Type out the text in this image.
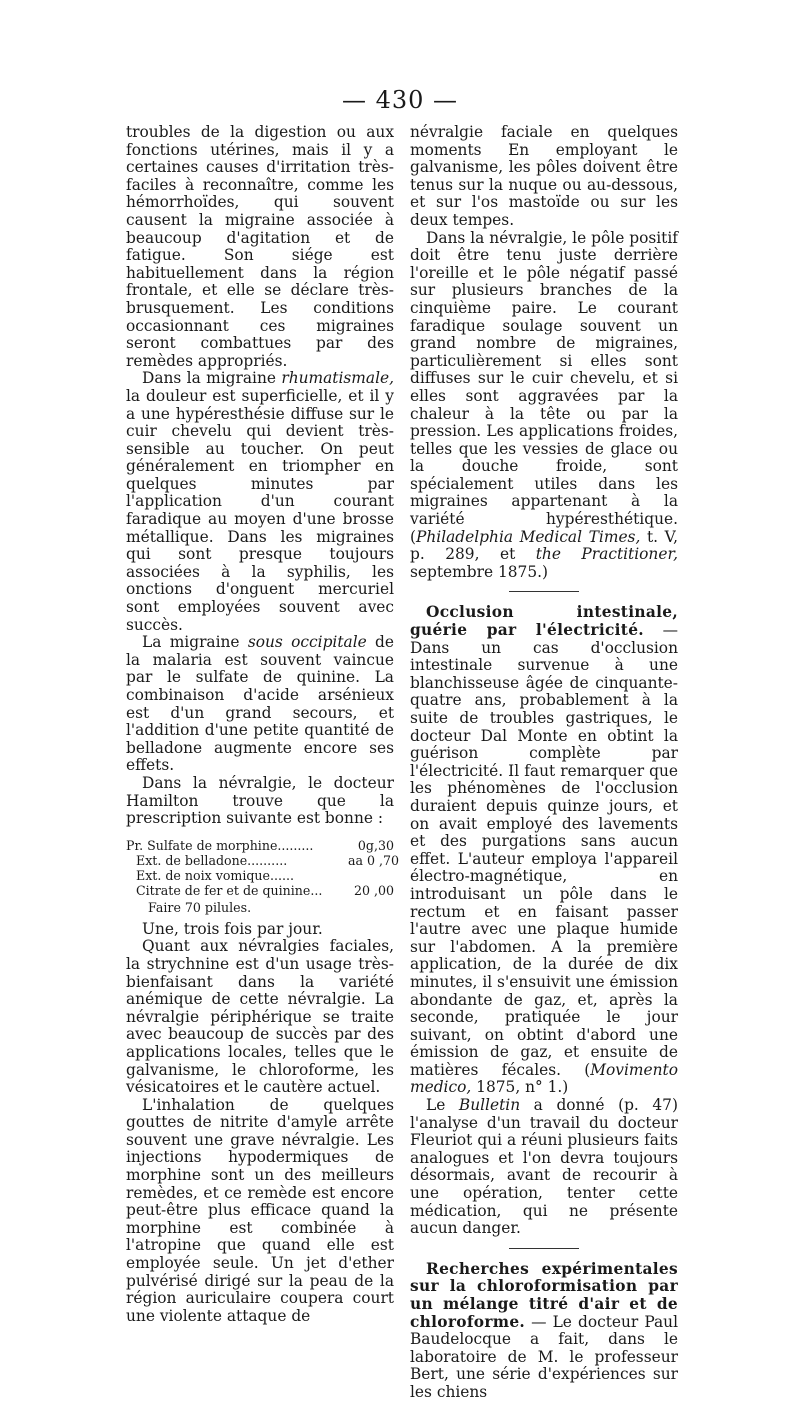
— 430 —

troubles de la digestion ou aux fonctions utérines, mais il y a certaines causes d'irritation très-faciles à reconnaître, comme les hémorrhoïdes, qui souvent causent la migraine associée à beaucoup d'agitation et de fatigue. Son siége est habituellement dans la région frontale, et elle se déclare très-brusquement. Les conditions occasionnant ces migraines seront combattues par des remèdes appropriés.

Dans la migraine rhumatismale, la douleur est superficielle, et il y a une hypéresthésie diffuse sur le cuir chevelu qui devient très-sensible au toucher. On peut généralement en triompher en quelques minutes par l'application d'un courant faradique au moyen d'une brosse métallique. Dans les migraines qui sont presque toujours associées à la syphilis, les onctions d'onguent mercuriel sont employées souvent avec succès.

La migraine sous occipitale de la malaria est souvent vaincue par le sulfate de quinine. La combinaison d'acide arsénieux est d'un grand secours, et l'addition d'une petite quantité de belladone augmente encore ses effets.

Dans la névralgie, le docteur Hamilton trouve que la prescription suivante est bonne :

Pr. Sulfate de morphine.........	0g,30
Ext. de belladone..........	aa 0 ,70
Ext. de noix vomique......
Citrate de fer et de quinine...	20 ,00
Faire 70 pilules.

Une, trois fois par jour.

Quant aux névralgies faciales, la strychnine est d'un usage très-bienfaisant dans la variété anémique de cette névralgie. La névralgie périphérique se traite avec beaucoup de succès par des applications locales, telles que le galvanisme, le chloroforme, les vésicatoires et le cautère actuel.

L'inhalation de quelques gouttes de nitrite d'amyle arrête souvent une grave névralgie. Les injections hypodermiques de morphine sont un des meilleurs remèdes, et ce remède est encore peut-être plus efficace quand la morphine est combinée à l'atropine que quand elle est employée seule. Un jet d'ether pulvérisé dirigé sur la peau de la région auriculaire coupera court une violente attaque de

névralgie faciale en quelques moments En employant le galvanisme, les pôles doivent être tenus sur la nuque ou au-dessous, et sur l'os mastoïde ou sur les deux tempes.

Dans la névralgie, le pôle positif doit être tenu juste derrière l'oreille et le pôle négatif passé sur plusieurs branches de la cinquième paire. Le courant faradique soulage souvent un grand nombre de migraines, particulièrement si elles sont diffuses sur le cuir chevelu, et si elles sont aggravées par la chaleur à la tête ou par la pression. Les applications froides, telles que les vessies de glace ou la douche froide, sont spécialement utiles dans les migraines appartenant à la variété hypéresthétique. (Philadelphia Medical Times, t. V, p. 289, et the Practitioner, septembre 1875.)

Occlusion intestinale, guérie par l'électricité. — Dans un cas d'occlusion intestinale survenue à une blanchisseuse âgée de cinquante-quatre ans, probablement à la suite de troubles gastriques, le docteur Dal Monte en obtint la guérison complète par l'électricité. Il faut remarquer que les phénomènes de l'occlusion duraient depuis quinze jours, et on avait employé des lavements et des purgations sans aucun effet. L'auteur employa l'appareil électro-magnétique, en introduisant un pôle dans le rectum et en faisant passer l'autre avec une plaque humide sur l'abdomen. A la première application, de la durée de dix minutes, il s'ensuivit une émission abondante de gaz, et, après la seconde, pratiquée le jour suivant, on obtint d'abord une émission de gaz, et ensuite de matières fécales. (Movimento medico, 1875, n° 1.)

Le Bulletin a donné (p. 47) l'analyse d'un travail du docteur Fleuriot qui a réuni plusieurs faits analogues et l'on devra toujours désormais, avant de recourir à une opération, tenter cette médication, qui ne présente aucun danger.

Recherches expérimentales sur la chloroformisation par un mélange titré d'air et de chloroforme. — Le docteur Paul Baudelocque a fait, dans le laboratoire de M. le professeur Bert, une série d'expériences sur les chiens
